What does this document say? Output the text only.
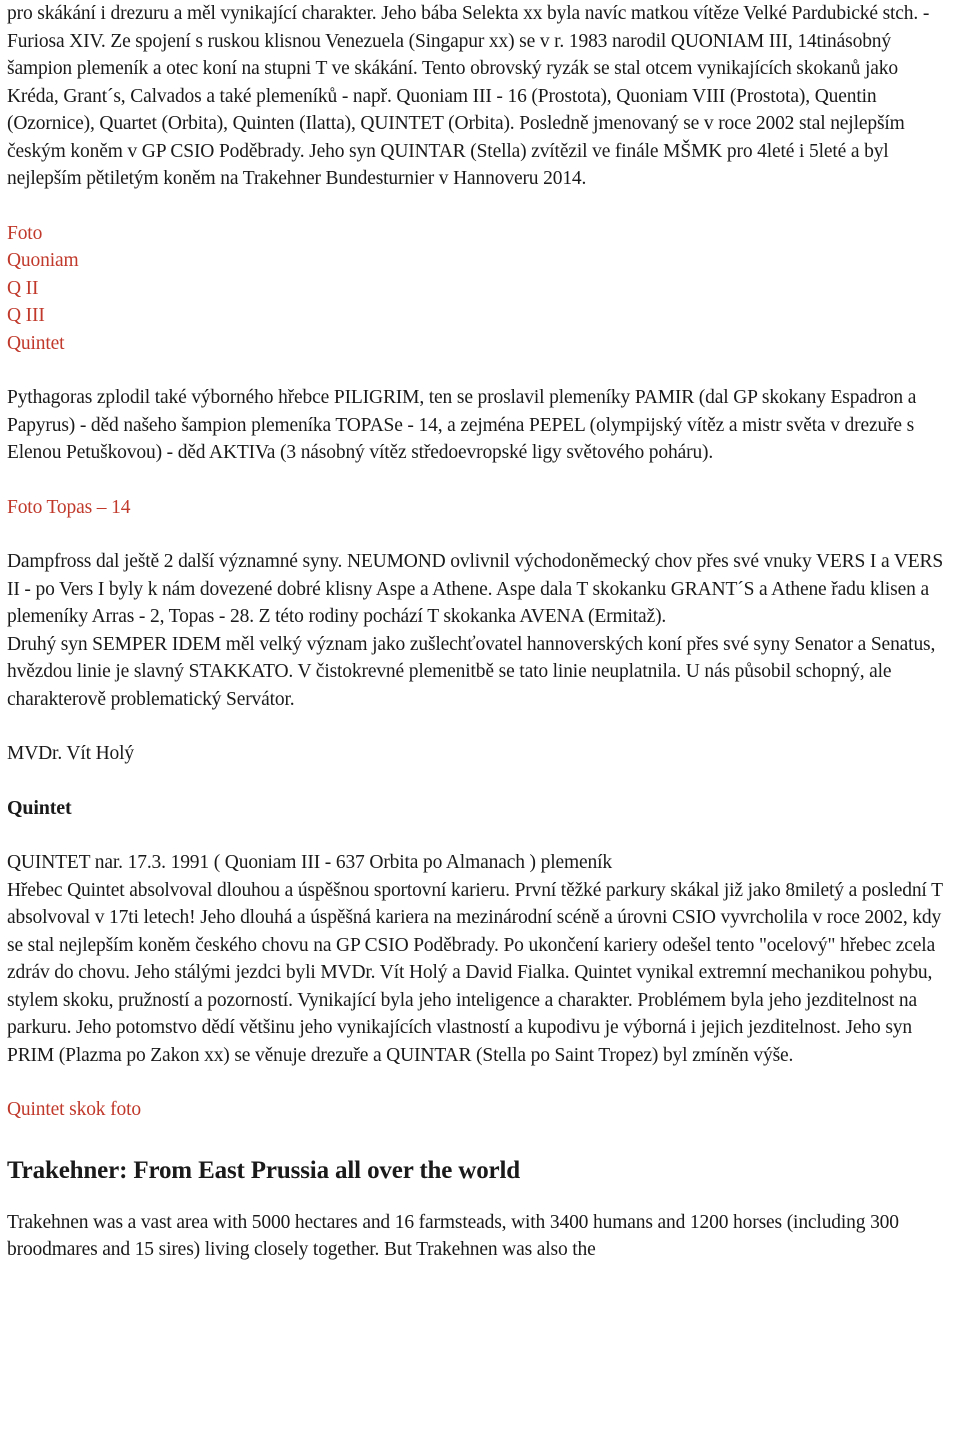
pro skákání i drezuru a měl vynikající charakter. Jeho bába Selekta xx byla navíc matkou vítěze Velké Pardubické stch. - Furiosa XIV. Ze spojení s ruskou klisnou Venezuela (Singapur xx) se v r. 1983 narodil QUONIAM III, 14tinásobný šampion plemeník a otec koní na stupni T ve skákání. Tento obrovský ryzák se stal otcem vynikajících skokanů jako Kréda, Grant´s, Calvados a také plemeníků - např. Quoniam III - 16 (Prostota), Quoniam VIII (Prostota), Quentin (Ozornice), Quartet (Orbita), Quinten (Ilatta), QUINTET (Orbita). Posledně jmenovaný se v roce 2002 stal nejlepším českým koněm v GP CSIO Poděbrady. Jeho syn QUINTAR (Stella) zvítězil ve finále MŠMK pro 4leté i 5leté a byl nejlepším pětiletým koněm na Trakehner Bundesturnier v Hannoveru 2014.

Foto
Quoniam
Q II
Q III
Quintet

Pythagoras zplodil také výborného hřebce PILIGRIM, ten se proslavil plemeníky PAMIR (dal GP skokany Espadron a Papyrus) - děd našeho šampion plemeníka TOPASe - 14, a zejména PEPEL (olympijský vítěz a mistr světa v drezuře s Elenou Petuškovou) - děd AKTIVa (3 násobný vítěz středoevropské ligy světového poháru).

Foto Topas – 14

Dampfross dal ještě 2 další významné syny. NEUMOND ovlivnil východoněmecký chov přes své vnuky VERS I a VERS II - po Vers I byly k nám dovezené dobré klisny Aspe a Athene. Aspe dala T skokanku GRANT´S a Athene řadu klisen a plemeníky Arras - 2, Topas - 28. Z této rodiny pochází T skokanka AVENA (Ermitaž).

Druhý syn SEMPER IDEM měl velký význam jako zušlechťovatel hannoverských koní přes své syny Senator a Senatus, hvězdou linie je slavný STAKKATO. V čistokrevné plemenitbě se tato linie neuplatnila. U nás působil schopný, ale charakterově problematický Servátor.

MVDr. Vít Holý

Quintet

QUINTET nar. 17.3. 1991 ( Quoniam III - 637 Orbita po Almanach ) plemeník

Hřebec Quintet absolvoval dlouhou a úspěšnou sportovní karieru. První těžké parkury skákal již jako 8miletý a poslední T absolvoval v 17ti letech! Jeho dlouhá a úspěšná kariera na mezinárodní scéně a úrovni CSIO vyvrcholila v roce 2002, kdy se stal nejlepším koněm českého chovu na GP CSIO Poděbrady. Po ukončení kariery odešel tento "ocelový" hřebec zcela zdráv do chovu. Jeho stálými jezdci byli MVDr. Vít Holý a David Fialka. Quintet vynikal extremní mechanikou pohybu, stylem skoku, pružností a pozorností. Vynikající byla jeho inteligence a charakter. Problémem byla jeho jezditelnost na parkuru. Jeho potomstvo dědí většinu jeho vynikajících vlastností a kupodivu je výborná i jejich jezditelnost. Jeho syn PRIM (Plazma po Zakon xx) se věnuje drezuře a QUINTAR (Stella po Saint Tropez) byl zmíněn výše.

Quintet skok foto
Trakehner: From East Prussia all over the world

Trakehnen was a vast area with 5000 hectares and 16 farmsteads, with 3400 humans and 1200 horses (including 300 broodmares and 15 sires) living closely together. But Trakehnen was also the
